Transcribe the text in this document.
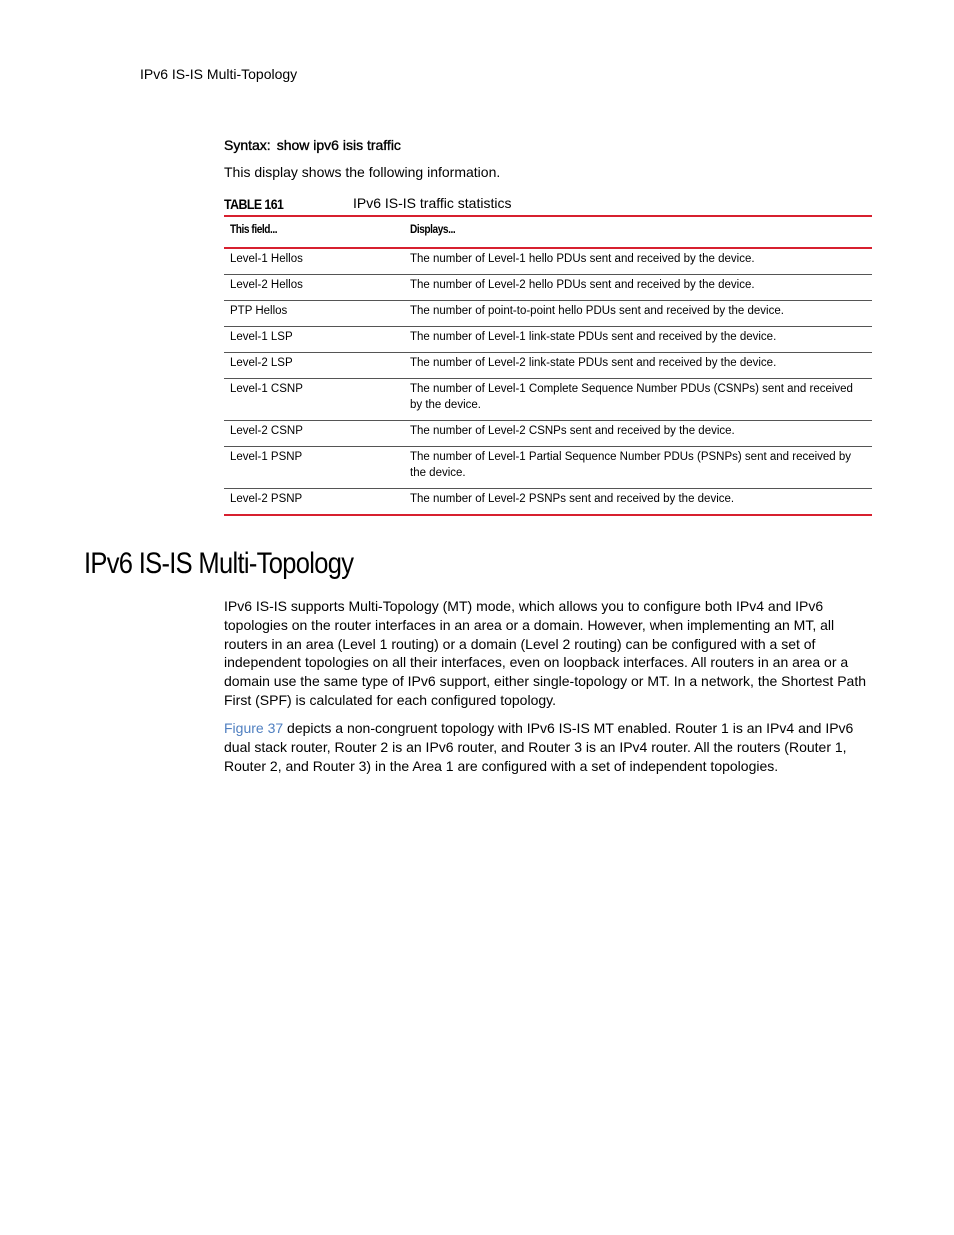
IPv6 IS-IS Multi-Topology
Syntax: show ipv6 isis traffic
This display shows the following information.
TABLE 161	IPv6 IS-IS traffic statistics
This field...	Displays...
Level-1 Hellos	The number of Level-1 hello PDUs sent and received by the device.
Level-2 Hellos	The number of Level-2 hello PDUs sent and received by the device.
PTP Hellos	The number of point-to-point hello PDUs sent and received by the device.
Level-1 LSP	The number of Level-1 link-state PDUs sent and received by the device.
Level-2 LSP	The number of Level-2 link-state PDUs sent and received by the device.
Level-1 CSNP	The number of Level-1 Complete Sequence Number PDUs (CSNPs) sent and received by the device.
Level-2 CSNP	The number of Level-2 CSNPs sent and received by the device.
Level-1 PSNP	The number of Level-1 Partial Sequence Number PDUs (PSNPs) sent and received by the device.
Level-2 PSNP	The number of Level-2 PSNPs sent and received by the device.
IPv6 IS-IS Multi-Topology

IPv6 IS-IS supports Multi-Topology (MT) mode, which allows you to configure both IPv4 and IPv6 topologies on the router interfaces in an area or a domain. However, when implementing an MT, all routers in an area (Level 1 routing) or a domain (Level 2 routing) can be configured with a set of independent topologies on all their interfaces, even on loopback interfaces. All routers in an area or a domain use the same type of IPv6 support, either single-topology or MT. In a network, the Shortest Path First (SPF) is calculated for each configured topology.

Figure 37 depicts a non-congruent topology with IPv6 IS-IS MT enabled. Router 1 is an IPv4 and IPv6 dual stack router, Router 2 is an IPv6 router, and Router 3 is an IPv4 router. All the routers (Router 1, Router 2, and Router 3) in the Area 1 are configured with a set of independent topologies.
